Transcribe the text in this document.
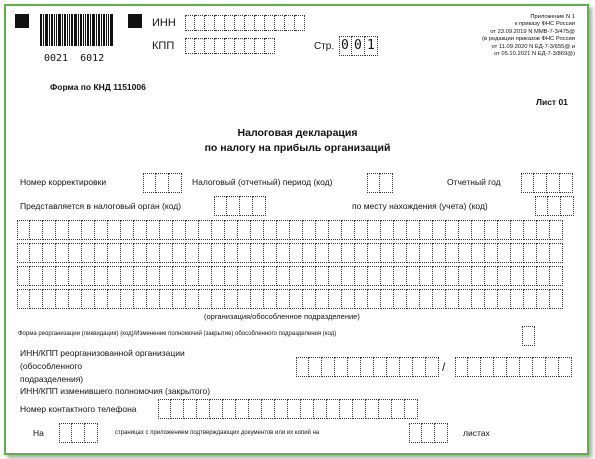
0021  6012
ИНН
КПП	Стр. 0 0 1
Приложение N 1
к приказу ФНС России
от 23.09.2019 N ММВ-7-3/475@
(в редакции приказов ФНС России
от 11.09.2020 N ЕД-7-3/655@ и
от 05.10.2021 N ЕД-7-3/869@)
Форма по КНД 1151006
Лист 01
Налоговая декларация
по налогу на прибыль организаций
Номер корректировки	Налоговый (отчетный) период (код)	Отчетный год
Представляется в налоговый орган (код)	по месту нахождения (учета) (код)
(организация/обособленное подразделение)
Форма реорганизации (ликвидация) (код)/Изменение полномочий (закрытие) обособленного подразделения (код)
ИНН/КПП реорганизованной организации
(обособленного
подразделения)
/
ИНН/КПП изменившего полномочия (закрытого)
Номер контактного телефона
На	страницах с приложением подтверждающих документов или их копий на	листах
